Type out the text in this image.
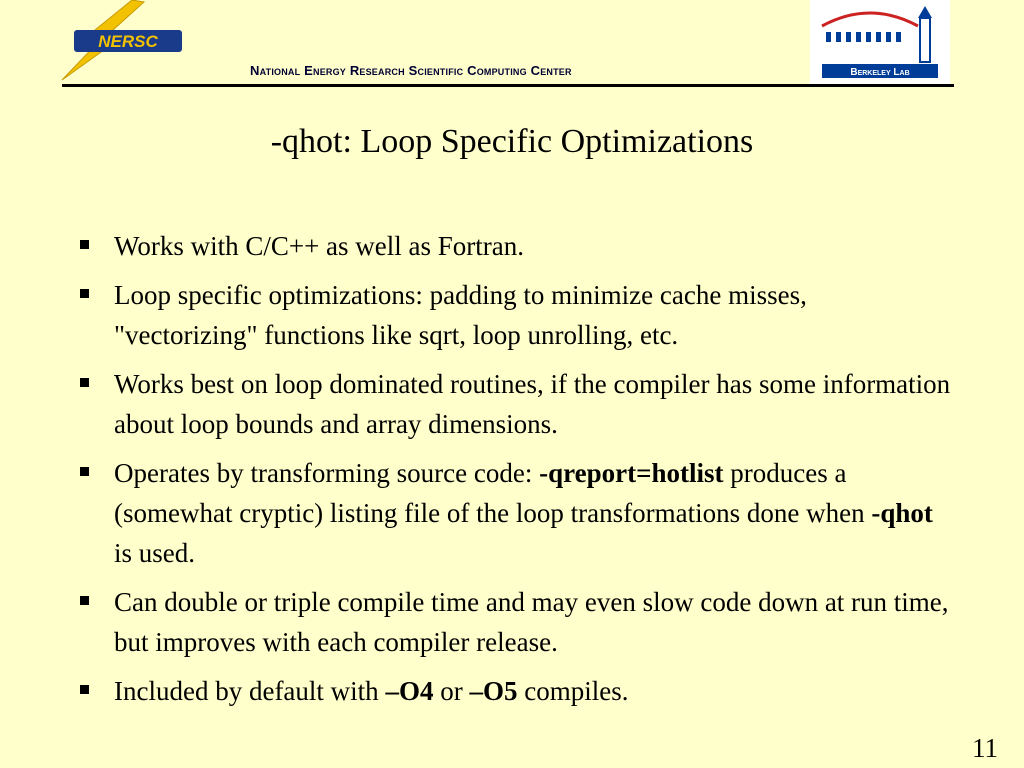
NERSC
National Energy Research Scientific Computing Center	Berkeley Lab
-qhot: Loop Specific Optimizations
Works with C/C++ as well as Fortran.
Loop specific optimizations: padding to minimize cache misses, "vectorizing" functions like sqrt, loop unrolling, etc.
Works best on loop dominated routines, if the compiler has some information about loop bounds and array dimensions.
Operates by transforming source code: -qreport=hotlist produces a (somewhat cryptic) listing file of the loop transformations done when -qhot is used.
Can double or triple compile time and may even slow code down at run time, but improves with each compiler release.
Included by default with –O4 or –O5 compiles.
11
